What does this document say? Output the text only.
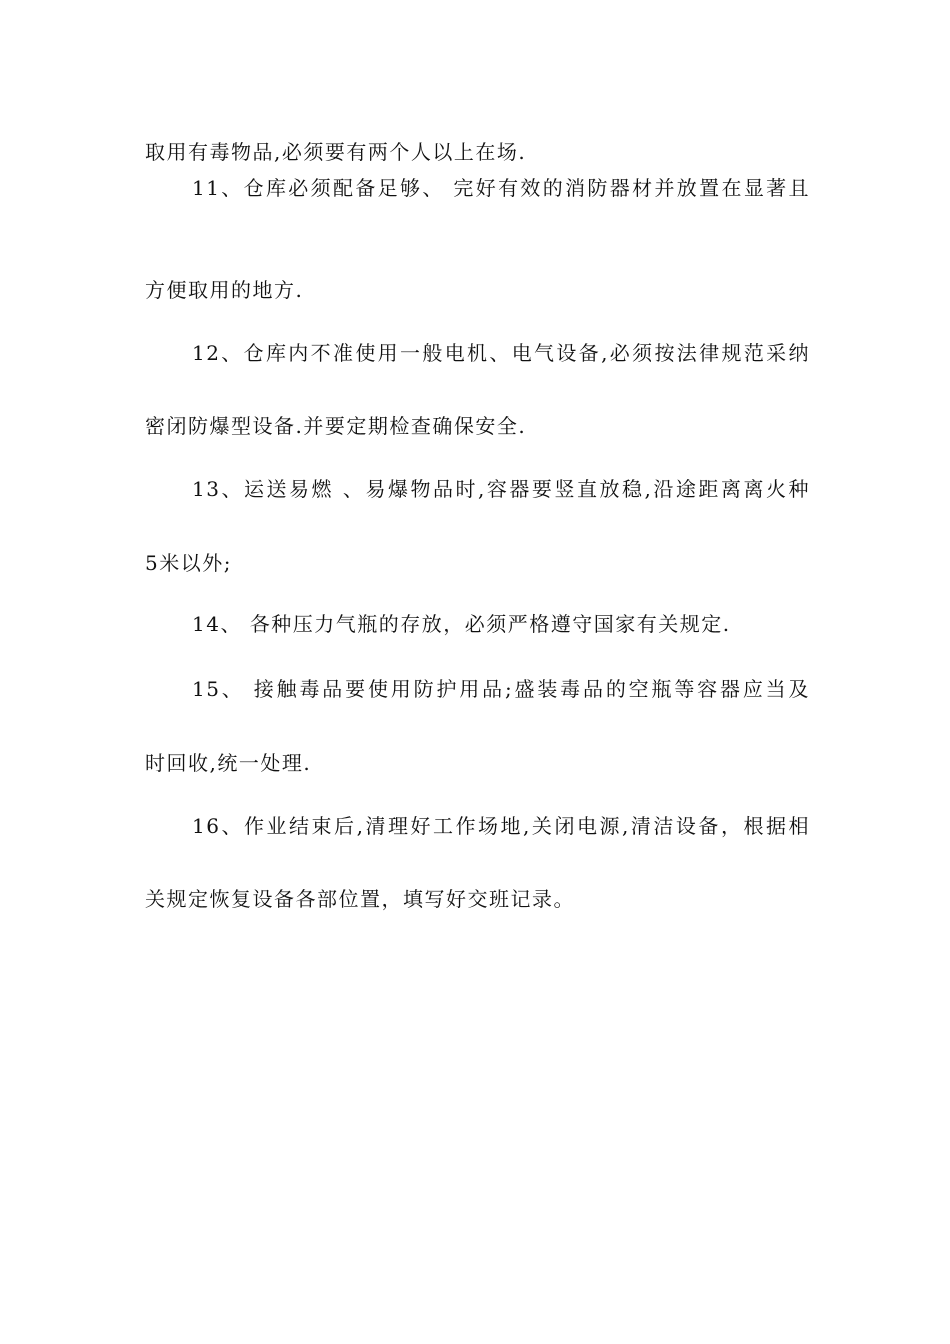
取用有毒物品,必须要有两个人以上在场.
11、仓库必须配备足够、 完好有效的消防器材并放置在显著且
方便取用的地方.
12、仓库内不准使用一般电机、电气设备,必须按法律规范采纳
密闭防爆型设备.并要定期检查确保安全.
13、运送易燃 、易爆物品时,容器要竖直放稳,沿途距离离火种
5米以外;
14、 各种压力气瓶的存放，必须严格遵守国家有关规定.
15、 接触毒品要使用防护用品;盛装毒品的空瓶等容器应当及
时回收,统一处理.
16、作业结束后,清理好工作场地,关闭电源,清洁设备，根据相
关规定恢复设备各部位置，填写好交班记录。
